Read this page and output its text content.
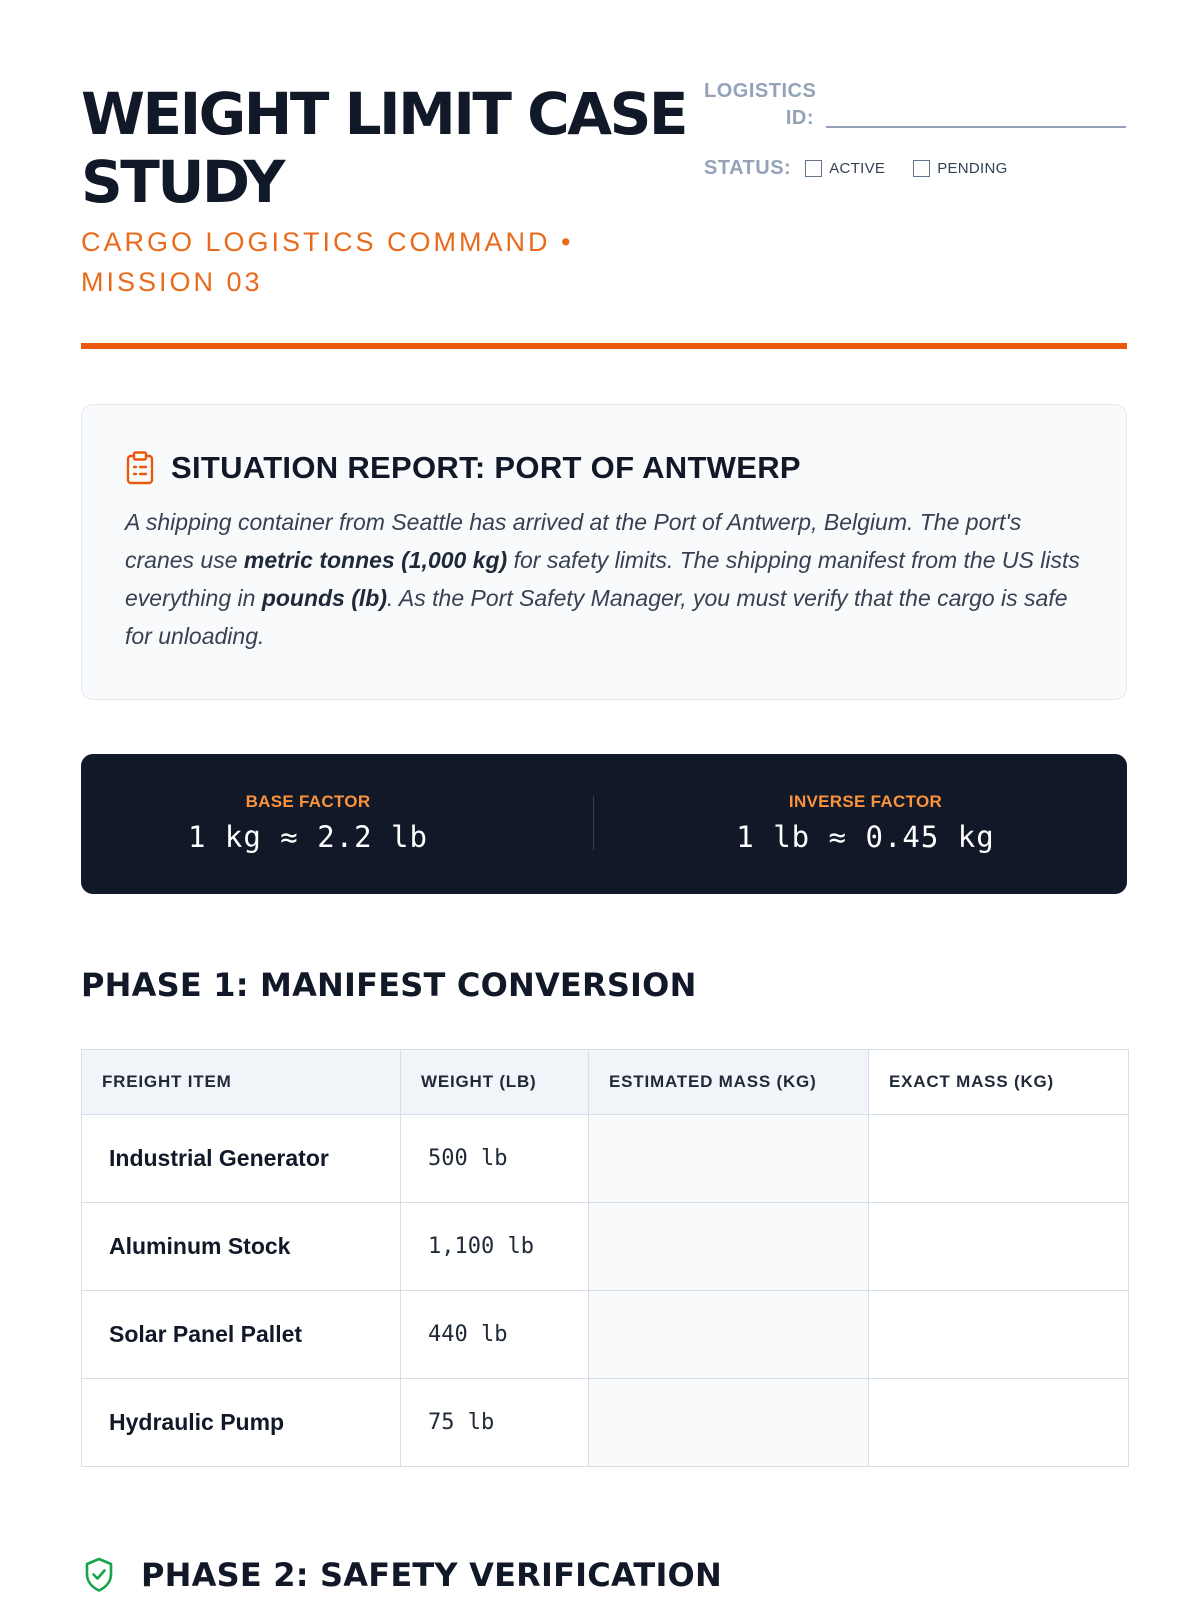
WEIGHT LIMIT CASE STUDY
CARGO LOGISTICS COMMAND • MISSION 03
LOGISTICS ID:
STATUS:	ACTIVE	PENDING
SITUATION REPORT: PORT OF ANTWERP
A shipping container from Seattle has arrived at the Port of Antwerp, Belgium. The port's cranes use metric tonnes (1,000 kg) for safety limits. The shipping manifest from the US lists everything in pounds (lb). As the Port Safety Manager, you must verify that the cargo is safe for unloading.
BASE FACTOR
1 kg ≈ 2.2 lb
INVERSE FACTOR
1 lb ≈ 0.45 kg
PHASE 1: MANIFEST CONVERSION
FREIGHT ITEM	WEIGHT (LB)	ESTIMATED MASS (KG)	EXACT MASS (KG)
Industrial Generator	500 lb		
Aluminum Stock	1,100 lb		
Solar Panel Pallet	440 lb		
Hydraulic Pump	75 lb		
PHASE 2: SAFETY VERIFICATION
